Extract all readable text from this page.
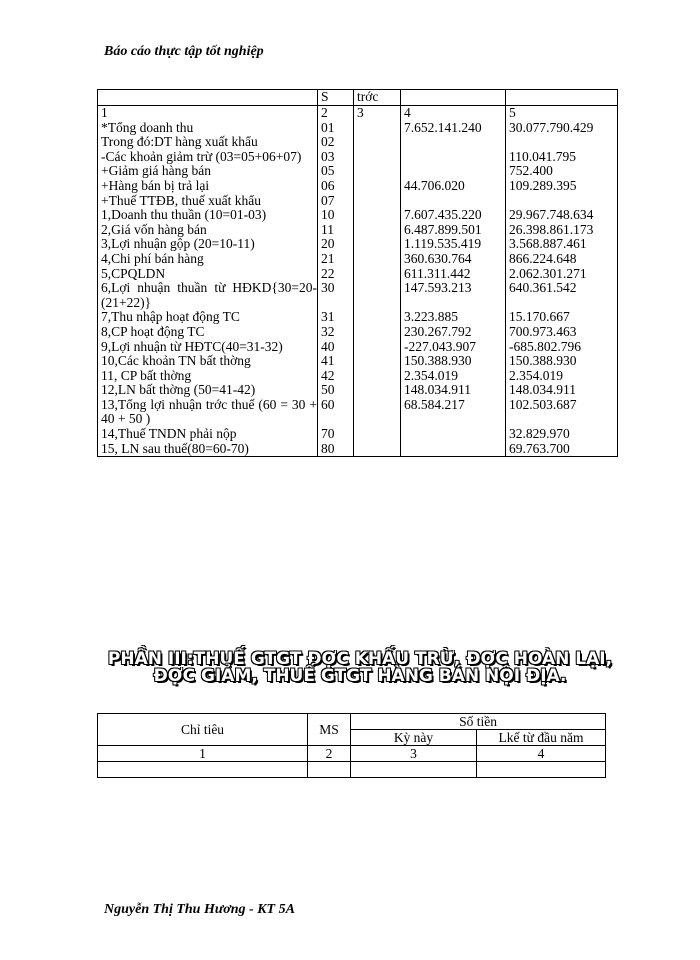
Báo cáo thực tập tốt nghiệp
	S	trớc		
1	2	3	4	5
*Tổng doanh thu	01		7.652.141.240	30.077.790.429
Trong đó:DT hàng xuất khẩu	02			
-Các khoản giảm trừ (03=05+06+07)	03			110.041.795
+Giảm giá hàng bán	05			752.400
+Hàng bán bị trả lại	06		44.706.020	109.289.395
+Thuế TTĐB, thuế xuất khẩu	07			
1,Doanh thu thuần (10=01-03)	10		7.607.435.220	29.967.748.634
2,Giá vốn hàng bán	11		6.487.899.501	26.398.861.173
3,Lợi nhuận gộp (20=10-11)	20		1.119.535.419	3.568.887.461
4,Chi phí bán hàng	21		360.630.764	866.224.648
5,CPQLDN	22		611.311.442	2.062.301.271
6,Lợi nhuận thuần từ HĐKD{30=20-(21+22)}	30		147.593.213	640.361.542
7,Thu nhập hoạt động TC	31		3.223.885	15.170.667
8,CP hoạt động TC	32		230.267.792	700.973.463
9,Lợi nhuận từ HĐTC(40=31-32)	40		-227.043.907	-685.802.796
10,Các khoản TN bất thờng	41		150.388.930	150.388.930
11, CP bất thờng	42		2.354.019	2.354.019
12,LN bất thờng (50=41-42)	50		148.034.911	148.034.911
13,Tổng lợi nhuận trớc thuế (60 = 30 + 40 + 50 )	60		68.584.217	102.503.687
14,Thuế TNDN phải nộp	70			32.829.970
15, LN sau thuế(80=60-70)	80			69.763.700
PHẦN III:THUẾ GTGT ĐỢC KHẤU TRỪ, ĐỢC HOÀN LẠI, ĐỢC GIẢM, THUẾ GTGT HÀNG BÁN NỘI ĐỊA.
Chỉ tiêu	MS	Số tiền	
		Kỳ này	Lkế từ đầu năm
1	2	3	4

Nguyễn Thị Thu Hương - KT 5A
